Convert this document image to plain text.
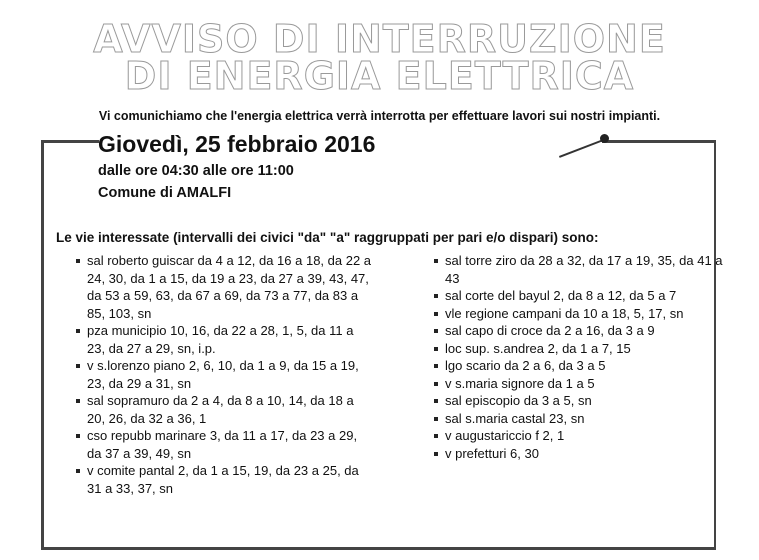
AVVISO DI INTERRUZIONE
DI ENERGIA ELETTRICA
Vi comunichiamo che l'energia elettrica verrà interrotta per effettuare lavori sui nostri impianti.
Giovedì, 25 febbraio 2016
dalle ore 04:30 alle ore 11:00
Comune di AMALFI
Le vie interessate (intervalli dei civici "da" "a" raggruppati per pari e/o dispari) sono:
sal roberto guiscar da 4 a 12, da 16 a 18, da 22 a 24, 30, da 1 a 15, da 19 a 23, da 27 a 39, 43, 47, da 53 a 59, 63, da 67 a 69, da 73 a 77, da 83 a 85, 103, sn
pza municipio 10, 16, da 22 a 28, 1, 5, da 11 a 23, da 27 a 29, sn, i.p.
v s.lorenzo piano 2, 6, 10, da 1 a 9, da 15 a 19, 23, da 29 a 31, sn
sal sopramuro da 2 a 4, da 8 a 10, 14, da 18 a 20, 26, da 32 a 36, 1
cso repubb marinare 3, da 11 a 17, da 23 a 29, da 37 a 39, 49, sn
v comite pantal 2, da 1 a 15, 19, da 23 a 25, da 31 a 33, 37, sn
sal torre ziro da 28 a 32, da 17 a 19, 35, da 41 a 43
sal corte del bayul 2, da 8 a 12, da 5 a 7
vle regione campani da 10 a 18, 5, 17, sn
sal capo di croce da 2 a 16, da 3 a 9
loc sup. s.andrea 2, da 1 a 7, 15
lgo scario da 2 a 6, da 3 a 5
v s.maria signore da 1 a 5
sal episcopio da 3 a 5, sn
sal s.maria castal 23, sn
v augustariccio f 2, 1
v prefetturi 6, 30
